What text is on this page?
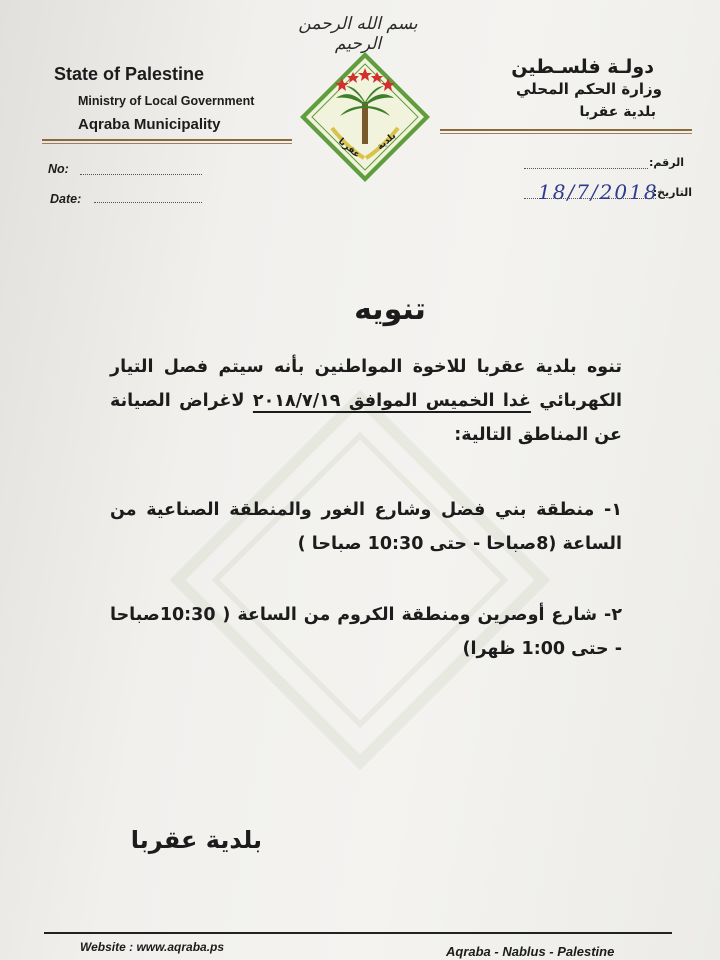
بسم الله الرحمن الرحيم
State of Palestine
Ministry of Local Government
Aqraba Municipality
دولـة فلسـطين
وزارة الحكم المحلي
بلدية عقربا
عقربا بلدية
No:
Date:
الرقم:
التاريخ:
18/7/2018
تنويه
تنوه بلدية عقربا للاخوة المواطنين بأنه سيتم فصل التيار الكهربائي غدا الخميس الموافق ٢٠١٨/٧/١٩ لاغراض الصيانة عن المناطق التالية:
١- منطقة بني فضل وشارع الغور والمنطقة الصناعية من الساعة (8صباحا - حتى 10:30 صباحا )
٢- شارع أوصرين ومنطقة الكروم من الساعة ( 10:30صباحا - حتى 1:00 ظهرا)
بلدية عقربا
Website : www.aqraba.ps	Aqraba - Nablus - Palestine
